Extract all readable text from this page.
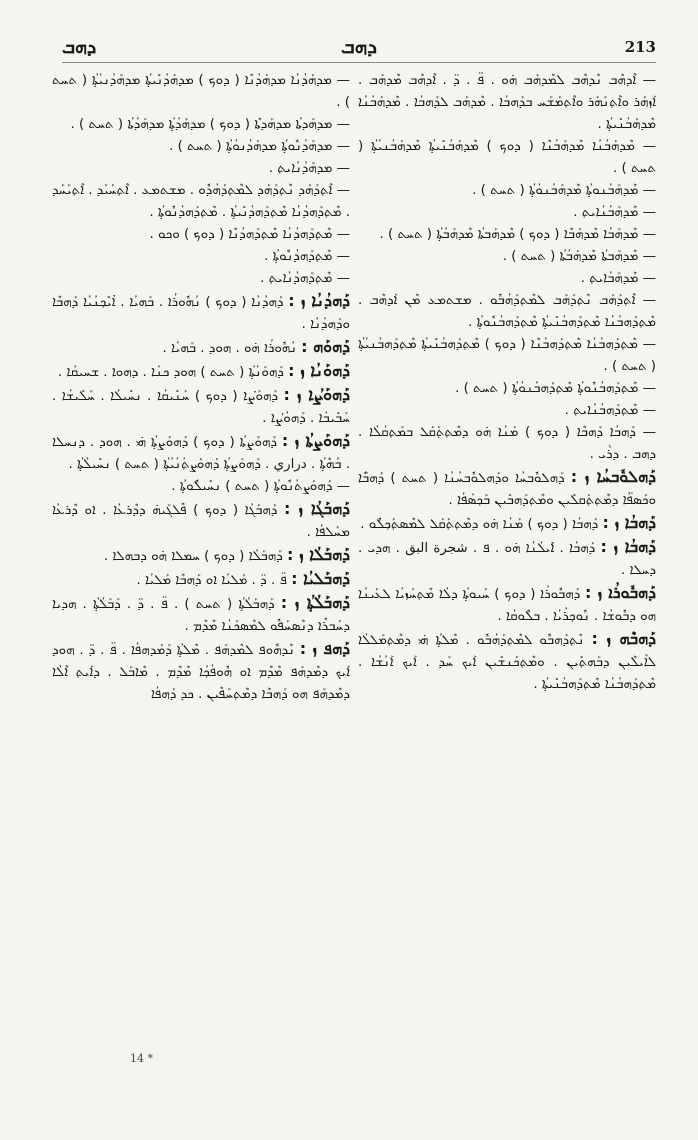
ܕܗܒ	ܕܗܒ	213
— ܐܶܕܗܶܒ ܢܶܕܗܶܒ ܠܡܶܕܗܰܒ ܗ̇ܘ . ܦ̈ . ܕ̈ . ܐܶܕܗܶܒ ܡܶܕܗܰܒ . ܐܰܙܗܰܪ ܘܐܶܬ̣ܢܰܗܰܪ ܘܐܶܬ̣ܡܰܫܰܚ ܒܕܰܗܒܳܐ . ܡܶܕܗܰܒ ܠܕܰܗܒܳܐ . ܡܶܕܗܰܒܳܢܳܐ ܡܶܕܗܰܒܳܢܺܝܬ̣ܳܐ .
— ܡܶܕܗܰܒܳܢܳܐ ܡܶܕܗܰܒܳܢܶܐ ( ܕܘܟ ) ܡܶܕܗܰܒܳܢܺܝܬ̣ܳܐ ܡܶܕܗܰܒܳܢܝܳܬ̣ܳܐ ( ܬܚܬ ) .
— ܡܶܕܗܰܒܳܢܘܬ̣ܳܐ ܡܶܕܗܰܒܳܢܘܳܬ̣ܳܐ ( ܬܚܬ ) .
— ܡܶܕܗܰܒܳܢܳܐܝܬ̣ .
— ܡܶܕܗܰܒܳܐ ܡܶܕܗܰܒܶܐ ( ܕܘܟ ) ܡܶܕܗܰܒܬܳܐ ܡܶܕܗܰܒܳܬ̣ܳܐ ( ܬܚܬ ) .
— ܡܶܕܗܰܒܬܳܐ ܡܶܕܗܰܒܳܬܳܐ ( ܬܚܬ ) .
— ܡܶܕܗܰܒܳܐܝܬ̣ .
— ܐܶܬ̣ܕܰܗܰܒ ܢܶܬ̣ܕܰܗܰܒ ܠܡܶܬ̣ܕܰܗܳܒܽܘ . ܡܫܬܡܥ ܡܶܢ ܐܰܕܗܶܒ . ܡܶܬ̣ܕܰܗܒܳܢܳܐ ܡܶܬ̣ܕܰܗܒܳܢܺܝܬ̣ܳܐ ܡܶܬ̣ܕܰܗܒܳܢܽܘܬ̣ܳܐ .
— ܡܶܬ̣ܕܰܗܒܳܢܳܐ ܡܶܬ̣ܕܰܗܒܳܢܶܐ ( ܕܘܟ ) ܡܶܬ̣ܕܰܗܒܳܢܺܝܬ̣ܳܐ ܡܶܬ̣ܕܰܗܒܳܢܝܳܬ̣ܳܐ ( ܬܚܬ ) .
— ܡܶܬ̣ܕܰܗܒܳܢܽܘܬ̣ܳܐ ܡܶܬ̣ܕܰܗܒܳܢܘܳܬ̣ܳܐ ( ܬܚܬ ) .
— ܡܶܬ̣ܕܰܗܒܳܢܳܐܝܬ̣ .
— ܕܰܗܒܳܐ ܕܰܗܒܶܐ ( ܕܘܟ ) ܡܰܢܳܐ ܗ̇ܘ ܕܡܶܬ̣ܬ̣ܰܩܰܠ ܒܡܰܬ̣ܩܳܠܳܐ . ܕܗܒ . ܕܪܵܝ .
ܕܰܗܠܘܽܒܚܳܐ ܙ : ܕܰܗܠܘܽܒܚܳܐ ܘܕܰܗܠܘܽܒܚܳܢܳܐ ( ܬܚܬ ) ܕܰܗܒ̈ܳܐ ܘܟܰܣܦ̈ܳܐ ܕܡܶܬ̣ܬ̣ܰܩܠܺܝܢ ܘܡܶܬ̣ܕܰܗܒܺܝܢ ܒܰܟ̣ܣܳܦܳܐ .
ܕܰܗܒܳܐ ܙ : ܕܰܗܒܳܐ ( ܕܘܟ ) ܡܰܢܳܐ ܗ̇ܘ ܕܡܶܬ̣ܬ̣ܰܩܰܠ ܠܡܶܣܬ̣ܰܟ̣ܠܽܘ .
ܕܰܗܒܳܐ ܙ : ܕܰܗܒܳܐ . ܐܺܝܠܳܢܳܐ ܗ̇ܘ . ܦ . شجرة البق . ܗܕܝ . ܕܚܠܐ .
ܕܰܗܒܽܘܪܳܐ ܙ : ܕܰܗܒܽܘܪܳܐ ( ܕܘܟ ) ܚܰܝܘܬ̣ܳܐ ܕܠܳܐ ܡܶܬ̣ܚܰܙܝܳܐ ܠܥܰܝܢܳܐ ܗܘ ܕܒܽܘܫܳܐ . ܢܽܘܟ̣ܪܳܝܳܐ . ܒܠܽܘܩܳܐ .
ܕܰܗܒܶܗ ܙ : ܢܶܬ̣ܕܰܗܒܽܘ ܠܡܶܬ̣ܕܰܗܳܒܽܘ . ܡܶܠܬ̣ܳܐ ܗ̇ܝ ܕܡܶܬ̣ܡܰܠܠܳܐ ܠܐܰܝܠܶܝܢ ܕܒܰܗܬ̣ܺܝܢ . ܘܡܶܬ̣ܟܰܢܫܺܝܢ ܐܰܝܟ ܚܰܕ . ܐܰܝܟ ܐܰܢܳܫܳܐ . ܡܶܬ̣ܕܰܗܒܳܢܳܐ ܡܶܬ̣ܕܰܗܒܳܢܺܝܬ̣ܳܐ .
— ܡܕܗܰܕܳܢܳܐ ܡܕܗܰܕܳܢܶܐ ( ܕܘܟ ) ܡܕܗܰܕܳܢܺܝܬ̣ܳܐ ܡܕܗܰܕܳܢܝܳܬ̣ܳܐ ( ܬܚܬ ) .
— ܡܕܗܰܕܬܳܐ ܡܕܗܰܕܬܶܐ ( ܕܘܟ ) ܡܕܗܰܕܳܬ̣ܳܐ ܡܕܗܰܕܳܬܳܐ ( ܬܚܬ ) .
— ܡܕܗܰܕܳܢܽܘܬ̣ܳܐ ܡܕܗܰܕܳܢܘܳܬ̣ܳܐ ( ܬܚܬ ) .
— ܡܕܗܰܕܳܢܳܐܝܬ̣ .
— ܐܶܬ̣ܕܰܗܰܕ ܢܶܬ̣ܕܰܗܰܕ ܠܡܶܬ̣ܕܰܗܳܕܽܘ . ܡܫܬܡܥ . ܐܶܬ̣ܚܰܝܰܕ . ܐܶܬ̣ܝܰܚܰܕ . ܡܶܬ̣ܕܰܗܕܳܢܳܐ ܡܶܬ̣ܕܰܗܕܳܢܺܝܬ̣ܳܐ . ܡܶܬ̣ܕܰܗܕܳܢܽܘܬ̣ܳܐ .
— ܡܶܬ̣ܕܰܗܕܳܢܳܐ ܡܶܬ̣ܕܰܗܕܳܢܶܐ ( ܕܘܟ ) ܘܟܘ .
— ܡܶܬ̣ܕܰܗܕܳܢܽܘܬ̣ܳܐ .
— ܡܶܬ̣ܕܰܗܕܳܢܳܐܝܬ̣ .
ܕܰܗܕܳܢܳܐ ܙ : ܕܰܗܕܳܢܳܐ ( ܕܘܟ ) ܢܳܗܽܘܪܳܐ . ܒܰܗܝܳܐ . ܐܳܝܺܟ̣ܢܳܝܳܐ ܕܰܗܒܶܐ ܘܕܰܗܕܳܢܳܐ .
ܕܰܗܘܰܗ : ܢܳܗܽܘܪܳܐ ܗ̇ܘ . ܗܘܕ . ܒܰܗܝܳܐ .
ܕܰܗܘܰܢܳܐ ܙ : ܕܰܗܘܰܢܳܬ̣ܳܐ ( ܬܚܬ ) ܗܘܕ ܟܢܳܐ . ܕܗܘܐ . ܫܚܝܩܳܐ .
ܕܰܗܘܰܨܳܐ ܙ : ܕܰܗܘܰܨܳܐ ( ܕܘܟ ) ܚܰܢܺܝܩܳܐ . ܢܚܺܝܠܳܐ . ܚܰܠܺܝܫܳܐ . ܚܰܒܺܝܒܳܐ . ܕܰܗܘܳܨܳܐ .
ܕܰܗܘܰܨܬܳܐ ܙ : ܕܰܗܘܰܨܬܳܐ ( ܕܘܟ ) ܕܰܗܘܰܨܬ̣ܳܐ ܗ̇ܝ . ܗܘܕ . ܕܢܚܠܐ . ܒܳܗܶܬ̣ܳܐ . دراري . ܕܰܗܘܰܨܬ̣ܳܐ ܕܰܗܘܰܨܬ̣ܳܢܳܝܳܬ̣ܳܐ ( ܬܚܬ ) ܢܚܺܝܠܳܬ̣ܳܐ .
— ܕܰܗܘܰܨܬܳܢܽܘܬ̣ܳܐ ( ܬܚܬ ) ܢܚܺܝܠܽܘܬ̣ܳܐ .
ܕܰܗܒܰܓܳܐ ܙ : ܕܰܗܒܰܓܳܐ ( ܕܘܟ ) ܦܶܠܓܰܝܗ̇ ܕܕܶܪܥܳܐ . ܐܘ ܕܶܪܥܳܐ ܡܚܰܠܦܳܐ .
ܕܰܗܒܰܠܳܐ ܙ : ܕܰܗܒܰܠܳܐ ( ܕܘܟ ) ܚܡܠܐ ܗ̇ܘ ܕܒܗܠܐ .
ܕܰܗܒܰܠܝܳܐ : ܦ̈ . ܕ̈ . ܡܰܠܝܳܐ ܐܘ ܕܰܗܒܶܐ ܡܰܠܝܳܐ .
ܕܰܗܒܰܠܳܬ̣ܳܐ ܙ : ܕܰܗܒܰܠܳܬ̣ܳܐ ( ܬܚܬ ) . ܦ̈ . ܕ̈ . ܕܰܒܰܠܳܬ̣ܳܐ . ܗܕܝܐ ܕܚܰܒܪܶܐ ܕܢܶܣܚܰܦܽܘ ܠܡܶܣܟܰܢܳܐ ܡܶܕܶܡ .
ܕܰܗܦ ܙ : ܢܶܕܗܽܘܦ ܠܡܶܕܗܰܦ . ܡܶܠܬ̣ܳܐ ܕܰܡܰܕܗܦܳܐ . ܦ̈ . ܕ̈ . ܗܘܕ ܐܰܝܟ ܕܡܶܕܗܰܦ ܡܶܕܶܡ ܐܘ ܗܽܘܦܳܟ̣ܳܐ ܡܶܕܶܡ . ܡܶܐܒܰܠ . ܕܐܰܝܬ̣ ܐܶܠܳܐ ܕܡܶܕܗܰܦ ܗܘ ܕܰܗܒܶܐ ܕܡܶܬ̣ܚܰܦܶܝܢ . ܟܕ ܕܰܗܦܳܐ
14 *
